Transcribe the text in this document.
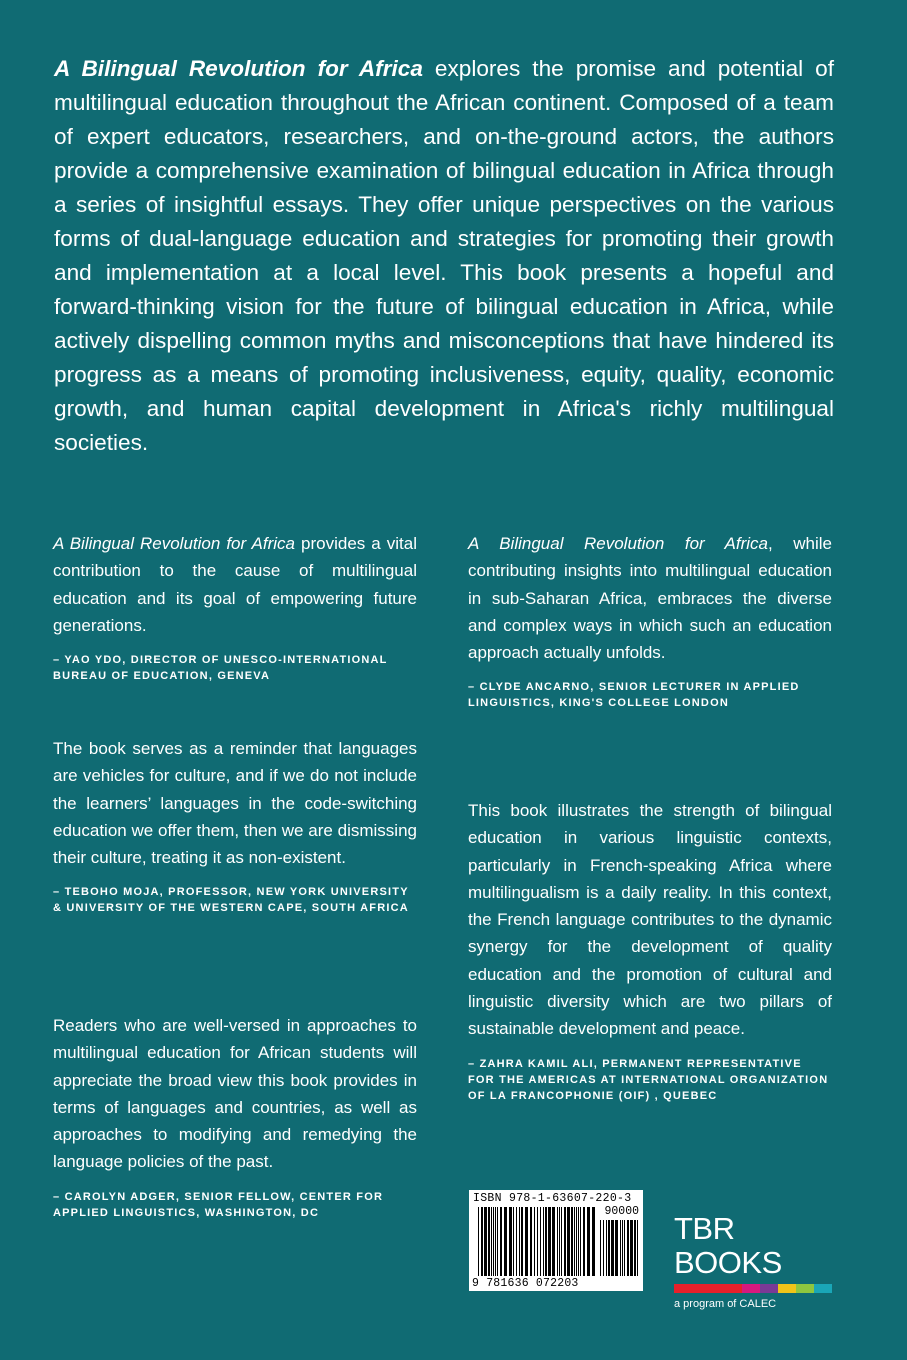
A Bilingual Revolution for Africa explores the promise and potential of multilingual education throughout the African continent. Composed of a team of expert educators, researchers, and on-the-ground actors, the authors provide a comprehensive examination of bilingual education in Africa through a series of insightful essays. They offer unique perspectives on the various forms of dual-language education and strategies for promoting their growth and implementation at a local level. This book presents a hopeful and forward-thinking vision for the future of bilingual education in Africa, while actively dispelling common myths and misconceptions that have hindered its progress as a means of promoting inclusiveness, equity, quality, economic growth, and human capital development in Africa's richly multilingual societies.

A Bilingual Revolution for Africa provides a vital contribution to the cause of multilingual education and its goal of empowering future generations.

– YAO YDO, DIRECTOR OF UNESCO-INTERNATIONAL BUREAU OF EDUCATION, GENEVA

The book serves as a reminder that languages are vehicles for culture, and if we do not include the learners’ languages in the code-switching education we offer them, then we are dismissing their culture, treating it as non-existent.

– TEBOHO MOJA, PROFESSOR, NEW YORK UNIVERSITY & UNIVERSITY OF THE WESTERN CAPE, SOUTH AFRICA

Readers who are well-versed in approaches to multilingual education for African students will appreciate the broad view this book provides in terms of languages and countries, as well as approaches to modifying and remedying the language policies of the past.

– CAROLYN ADGER, SENIOR FELLOW, CENTER FOR APPLIED LINGUISTICS, WASHINGTON, DC

A Bilingual Revolution for Africa, while contributing insights into multilingual education in sub-Saharan Africa, embraces the diverse and complex ways in which such an education approach actually unfolds.

– CLYDE ANCARNO, SENIOR LECTURER IN APPLIED LINGUISTICS, KING'S COLLEGE LONDON

This book illustrates the strength of bilingual education in various linguistic contexts, particularly in French-speaking Africa where multilingualism is a daily reality. In this context, the French language contributes to the dynamic synergy for the development of quality education and the promotion of cultural and linguistic diversity which are two pillars of sustainable development and peace.

– ZAHRA KAMIL ALI, PERMANENT REPRESENTATIVE FOR THE AMERICAS AT INTERNATIONAL ORGANIZATION OF LA FRANCOPHONIE (OIF) , QUEBEC
ISBN 978-1-63607-220-3
90000
9 781636 072203
TBR BOOKS
a program of CALEC
